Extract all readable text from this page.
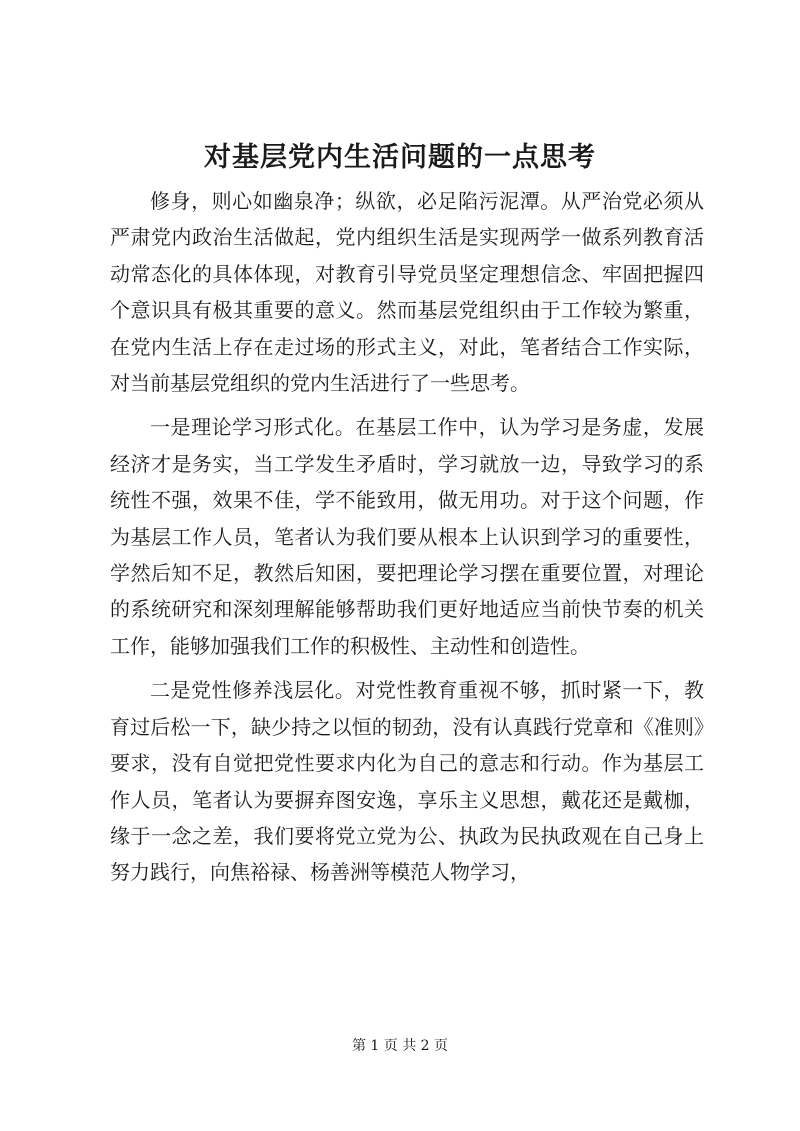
对基层党内生活问题的一点思考

修身，则心如幽泉净；纵欲，必足陷污泥潭。从严治党必须从严肃党内政治生活做起，党内组织生活是实现两学一做系列教育活动常态化的具体体现，对教育引导党员坚定理想信念、牢固把握四个意识具有极其重要的意义。然而基层党组织由于工作较为繁重，在党内生活上存在走过场的形式主义，对此，笔者结合工作实际，对当前基层党组织的党内生活进行了一些思考。

一是理论学习形式化。在基层工作中，认为学习是务虚，发展经济才是务实，当工学发生矛盾时，学习就放一边，导致学习的系统性不强，效果不佳，学不能致用，做无用功。对于这个问题，作为基层工作人员，笔者认为我们要从根本上认识到学习的重要性，学然后知不足，教然后知困，要把理论学习摆在重要位置，对理论的系统研究和深刻理解能够帮助我们更好地适应当前快节奏的机关工作，能够加强我们工作的积极性、主动性和创造性。

二是党性修养浅层化。对党性教育重视不够，抓时紧一下，教育过后松一下，缺少持之以恒的韧劲，没有认真践行党章和《准则》要求，没有自觉把党性要求内化为自己的意志和行动。作为基层工作人员，笔者认为要摒弃图安逸，享乐主义思想，戴花还是戴枷，缘于一念之差，我们要将党立党为公、执政为民执政观在自己身上努力践行，向焦裕禄、杨善洲等模范人物学习，

第 1 页 共 2 页
